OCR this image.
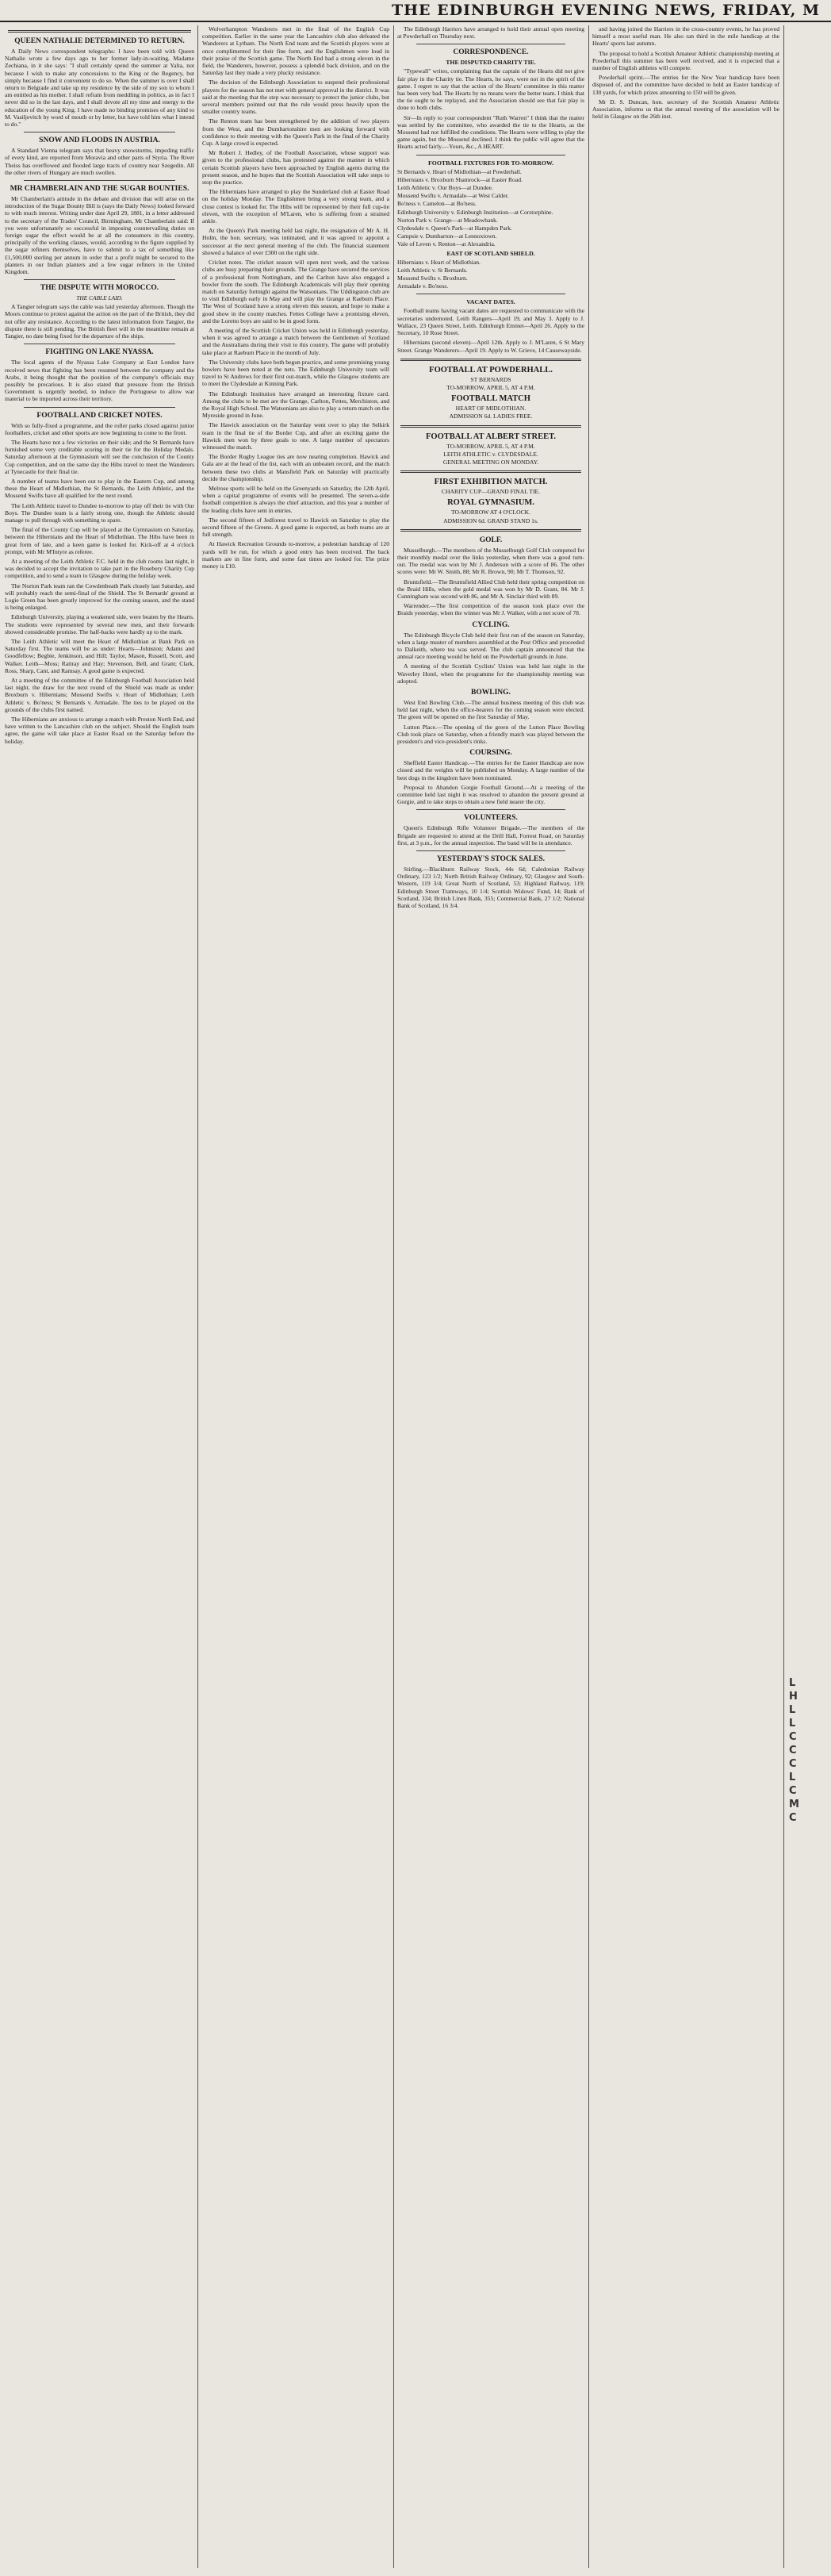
THE EDINBURGH EVENING NEWS, FRIDAY, M
QUEEN NATHALIE DETERMINED TO RETURN.

A Daily News correspondent telegraphs: I have been told with Queen Nathalie wrote a few days ago to her former lady-in-waiting, Madame Zechiana, in it she says: "I shall certainly spend the summer at Yalta, not because I wish to make any concessions to the King or the Regency, but simply because I find it convenient to do so. When the summer is over I shall return to Belgrade and take up my residence by the side of my son to whom I am entitled as his mother. I shall refrain from meddling in politics, as in fact I never did so in the last days, and I shall devote all my time and energy to the education of the young King. I have made no binding promises of any kind to M. Vasiljevitch by word of mouth or by letter, but have told him what I intend to do."

SNOW AND FLOODS IN AUSTRIA.

A Standard Vienna telegram says that heavy snowstorms, impeding traffic of every kind, are reported from Moravia and other parts of Styria. The River Theiss has overflowed and flooded large tracts of country near Szegedin. All the other rivers of Hungary are much swollen.

MR CHAMBERLAIN AND THE SUGAR BOUNTIES.

Mr Chamberlain's attitude in the debate and division that will arise on the introduction of the Sugar Bounty Bill is (says the Daily News) looked forward to with much interest. Writing under date April 29, 1881, in a letter addressed to the secretary of the Trades' Council, Birmingham, Mr Chamberlain said: If you were unfortunately so successful in imposing countervailing duties on foreign sugar the effect would be at all the consumers in this country, principally of the working classes, would, according to the figure supplied by the sugar refiners themselves, have to submit to a tax of something like £1,500,000 sterling per annum in order that a profit might be secured to the planters in our Indian planters and a few sugar refiners in the United Kingdom.

THE DISPUTE WITH MOROCCO.
THE CABLE LAID.

A Tangier telegram says the cable was laid yesterday afternoon. Though the Moors continue to protest against the action on the part of the British, they did not offer any resistance. According to the latest information from Tangier, the dispute there is still pending. The British fleet will in the meantime remain at Tangier, no date being fixed for the departure of the ships.

FIGHTING ON LAKE NYASSA.

The local agents of the Nyassa Lake Company at East London have received news that fighting has been resumed between the company and the Arabs, it being thought that the position of the company's officials may possibly be precarious. It is also stated that pressure from the British Government is urgently needed, to induce the Portuguese to allow war material to be imported across their territory.

FOOTBALL AND CRICKET NOTES.

With so fully-fixed a programme, and the roller parks closed against junior footballers, cricket and other sports are now beginning to come to the front.

The Hearts have not a few victories on their side; and the St Bernards have furnished some very creditable scoring in their tie for the Holiday Medals. Saturday afternoon at the Gymnasium will see the conclusion of the County Cup competition, and on the same day the Hibs travel to meet the Wanderers at Tynecastle for their final tie.

A number of teams have been out to play in the Eastern Cup, and among these the Heart of Midlothian, the St Bernards, the Leith Athletic, and the Mossend Swifts have all qualified for the next round.

The Leith Athletic travel to Dundee to-morrow to play off their tie with Our Boys. The Dundee team is a fairly strong one, though the Athletic should manage to pull through with something to spare.

The final of the County Cup will be played at the Gymnasium on Saturday, between the Hibernians and the Heart of Midlothian. The Hibs have been in great form of late, and a keen game is looked for. Kick-off at 4 o'clock prompt, with Mr M'Intyre as referee.

At a meeting of the Leith Athletic F.C. held in the club rooms last night, it was decided to accept the invitation to take part in the Rosebery Charity Cup competition, and to send a team to Glasgow during the holiday week.

The Norton Park team ran the Cowdenbeath Park closely last Saturday, and will probably reach the semi-final of the Shield. The St Bernards' ground at Logie Green has been greatly improved for the coming season, and the stand is being enlarged.

Edinburgh University, playing a weakened side, were beaten by the Hearts. The students were represented by several new men, and their forwards showed considerable promise. The half-backs were hardly up to the mark.

The Leith Athletic will meet the Heart of Midlothian at Bank Park on Saturday first. The teams will be as under: Hearts—Johnston; Adams and Goodfellow; Begbie, Jenkinson, and Hill; Taylor, Mason, Russell, Scott, and Walker. Leith—Moss; Rattray and Hay; Stevenson, Bell, and Grant; Clark, Ross, Sharp, Cant, and Ramsay. A good game is expected.

At a meeting of the committee of the Edinburgh Football Association held last night, the draw for the next round of the Shield was made as under: Broxburn v. Hibernians; Mossend Swifts v. Heart of Midlothian; Leith Athletic v. Bo'ness; St Bernards v. Armadale. The ties to be played on the grounds of the clubs first named.

The Hibernians are anxious to arrange a match with Preston North End, and have written to the Lancashire club on the subject. Should the English team agree, the game will take place at Easter Road on the Saturday before the holiday.

Wolverhampton Wanderers met in the final of the English Cup competition. Earlier in the same year the Lancashire club also defeated the Wanderers at Lytham. The North End team and the Scottish players were at once complimented for their fine form, and the Englishmen were loud in their praise of the Scottish game. The North End had a strong eleven in the field, the Wanderers, however, possess a splendid back division, and on the Saturday last they made a very plucky resistance.

The decision of the Edinburgh Association to suspend their professional players for the season has not met with general approval in the district. It was said at the meeting that the step was necessary to protect the junior clubs, but several members pointed out that the rule would press heavily upon the smaller country teams.

The Renton team has been strengthened by the addition of two players from the West, and the Dumbartonshire men are looking forward with confidence to their meeting with the Queen's Park in the final of the Charity Cup. A large crowd is expected.

Mr Robert J. Hedley, of the Football Association, whose support was given to the professional clubs, has protested against the manner in which certain Scottish players have been approached by English agents during the present season, and he hopes that the Scottish Association will take steps to stop the practice.

The Hibernians have arranged to play the Sunderland club at Easter Road on the holiday Monday. The Englishmen bring a very strong team, and a close contest is looked for. The Hibs will be represented by their full cup-tie eleven, with the exception of M'Laren, who is suffering from a strained ankle.

At the Queen's Park meeting held last night, the resignation of Mr A. H. Holm, the hon. secretary, was intimated, and it was agreed to appoint a successor at the next general meeting of the club. The financial statement showed a balance of over £300 on the right side.

Cricket notes. The cricket season will open next week, and the various clubs are busy preparing their grounds. The Grange have secured the services of a professional from Nottingham, and the Carlton have also engaged a bowler from the south. The Edinburgh Academicals will play their opening match on Saturday fortnight against the Watsonians. The Uddingston club are to visit Edinburgh early in May and will play the Grange at Raeburn Place. The West of Scotland have a strong eleven this season, and hope to make a good show in the county matches. Fettes College have a promising eleven, and the Loretto boys are said to be in good form.

A meeting of the Scottish Cricket Union was held in Edinburgh yesterday, when it was agreed to arrange a match between the Gentlemen of Scotland and the Australians during their visit to this country. The game will probably take place at Raeburn Place in the month of July.

The University clubs have both begun practice, and some promising young bowlers have been noted at the nets. The Edinburgh University team will travel to St Andrews for their first out-match, while the Glasgow students are to meet the Clydesdale at Kinning Park.

The Edinburgh Institution have arranged an interesting fixture card. Among the clubs to be met are the Grange, Carlton, Fettes, Merchiston, and the Royal High School. The Watsonians are also to play a return match on the Myreside ground in June.

The Hawick association on the Saturday went over to play the Selkirk team in the final tie of the Border Cup, and after an exciting game the Hawick men won by three goals to one. A large number of spectators witnessed the match.

The Border Rugby League ties are now nearing completion. Hawick and Gala are at the head of the list, each with an unbeaten record, and the match between these two clubs at Mansfield Park on Saturday will practically decide the championship.

Melrose sports will be held on the Greenyards on Saturday, the 12th April, when a capital programme of events will be presented. The seven-a-side football competition is always the chief attraction, and this year a number of the leading clubs have sent in entries.

The second fifteen of Jedforest travel to Hawick on Saturday to play the second fifteen of the Greens. A good game is expected, as both teams are at full strength.

At Hawick Recreation Grounds to-morrow, a pedestrian handicap of 120 yards will be run, for which a good entry has been received. The back markers are in fine form, and some fast times are looked for. The prize money is £10.

The Edinburgh Harriers have arranged to hold their annual open meeting at Powderhall on Thursday next.

CORRESPONDENCE.
THE DISPUTED CHARITY TIE.

"Typewall" writes, complaining that the captain of the Hearts did not give fair play in the Charity tie. The Hearts, he says, were not in the spirit of the game. I regret to say that the action of the Hearts' committee in this matter has been very bad. The Hearts by no means were the better team. I think that the tie ought to be replayed, and the Association should see that fair play is done to both clubs.

Sir—In reply to your correspondent "Ruth Warren" I think that the matter was settled by the committee, who awarded the tie to the Hearts, as the Mossend had not fulfilled the conditions. The Hearts were willing to play the game again, but the Mossend declined. I think the public will agree that the Hearts acted fairly.—Yours, &c., A HEART.

FOOTBALL FIXTURES FOR TO-MORROW.

St Bernards v. Heart of Midlothian—at Powderhall.

Hibernians v. Broxburn Shamrock—at Easter Road.

Leith Athletic v. Our Boys—at Dundee.

Mossend Swifts v. Armadale—at West Calder.

Bo'ness v. Camelon—at Bo'ness.

Edinburgh University v. Edinburgh Institution—at Corstorphine.

Norton Park v. Grange—at Meadowbank.

Clydesdale v. Queen's Park—at Hampden Park.

Campsie v. Dumbarton—at Lennoxtown.

Vale of Leven v. Renton—at Alexandria.

EAST OF SCOTLAND SHIELD.

Hibernians v. Heart of Midlothian.

Leith Athletic v. St Bernards.

Mossend Swifts v. Broxburn.

Armadale v. Bo'ness.

VACANT DATES.

Football teams having vacant dates are requested to communicate with the secretaries undernoted. Leith Rangers—April 19, and May 3. Apply to J. Wallace, 23 Queen Street, Leith. Edinburgh Emmet—April 26. Apply to the Secretary, 10 Rose Street.

Hibernians (second eleven)—April 12th. Apply to J. M'Laren, 6 St Mary Street. Grange Wanderers—April 19. Apply to W. Grieve, 14 Causewayside.

FOOTBALL AT POWDERHALL.

ST BERNARDS

TO-MORROW, APRIL 5, AT 4 P.M.

FOOTBALL MATCH

HEART OF MIDLOTHIAN.

ADMISSION 6d. LADIES FREE.

FOOTBALL AT ALBERT STREET.

TO-MORROW, APRIL 5, AT 4 P.M.

LEITH ATHLETIC v. CLYDESDALE.

GENERAL MEETING ON MONDAY.

FIRST EXHIBITION MATCH.

CHARITY CUP—GRAND FINAL TIE.

ROYAL GYMNASIUM.

TO-MORROW AT 4 O'CLOCK.

ADMISSION 6d. GRAND STAND 1s.

GOLF.

Musselburgh.—The members of the Musselburgh Golf Club competed for their monthly medal over the links yesterday, when there was a good turn-out. The medal was won by Mr J. Anderson with a score of 86. The other scores were: Mr W. Smith, 88; Mr R. Brown, 90; Mr T. Thomson, 92.

Bruntsfield.—The Bruntsfield Allied Club held their spring competition on the Braid Hills, when the gold medal was won by Mr D. Grant, 84. Mr J. Cunningham was second with 86, and Mr A. Sinclair third with 89.

Warrender.—The first competition of the season took place over the Braids yesterday, when the winner was Mr J. Walker, with a net score of 78.

CYCLING.

The Edinburgh Bicycle Club held their first run of the season on Saturday, when a large muster of members assembled at the Post Office and proceeded to Dalkeith, where tea was served. The club captain announced that the annual race meeting would be held on the Powderhall grounds in June.

A meeting of the Scottish Cyclists' Union was held last night in the Waverley Hotel, when the programme for the championship meeting was adopted.

BOWLING.

West End Bowling Club.—The annual business meeting of this club was held last night, when the office-bearers for the coming season were elected. The green will be opened on the first Saturday of May.

Lutton Place.—The opening of the green of the Lutton Place Bowling Club took place on Saturday, when a friendly match was played between the president's and vice-president's rinks.

COURSING.

Sheffield Easter Handicap.—The entries for the Easter Handicap are now closed and the weights will be published on Monday. A large number of the best dogs in the kingdom have been nominated.

Proposal to Abandon Gorgie Football Ground.—At a meeting of the committee held last night it was resolved to abandon the present ground at Gorgie, and to take steps to obtain a new field nearer the city.

VOLUNTEERS.

Queen's Edinburgh Rifle Volunteer Brigade.—The members of the Brigade are requested to attend at the Drill Hall, Forrest Road, on Saturday first, at 3 p.m., for the annual inspection. The band will be in attendance.

YESTERDAY'S STOCK SALES.

Stirling.—Blackburn Railway Stock, 44s 6d; Caledonian Railway Ordinary, 123 1/2; North British Railway Ordinary, 92; Glasgow and South-Western, 119 3/4; Great North of Scotland, 53; Highland Railway, 119; Edinburgh Street Tramways, 10 1/4; Scottish Widows' Fund, 14; Bank of Scotland, 334; British Linen Bank, 355; Commercial Bank, 27 1/2; National Bank of Scotland, 16 3/4.

and having joined the Harriers in the cross-country events, he has proved himself a most useful man. He also ran third in the mile handicap at the Hearts' sports last autumn.

The proposal to hold a Scottish Amateur Athletic championship meeting at Powderhall this summer has been well received, and it is expected that a number of English athletes will compete.

Powderhall sprint.—The entries for the New Year handicap have been disposed of, and the committee have decided to hold an Easter handicap of 130 yards, for which prizes amounting to £50 will be given.

Mr D. S. Duncan, hon. secretary of the Scottish Amateur Athletic Association, informs us that the annual meeting of the association will be held in Glasgow on the 26th inst.

L
H
L
L
C
C
C
L
C
M
C
